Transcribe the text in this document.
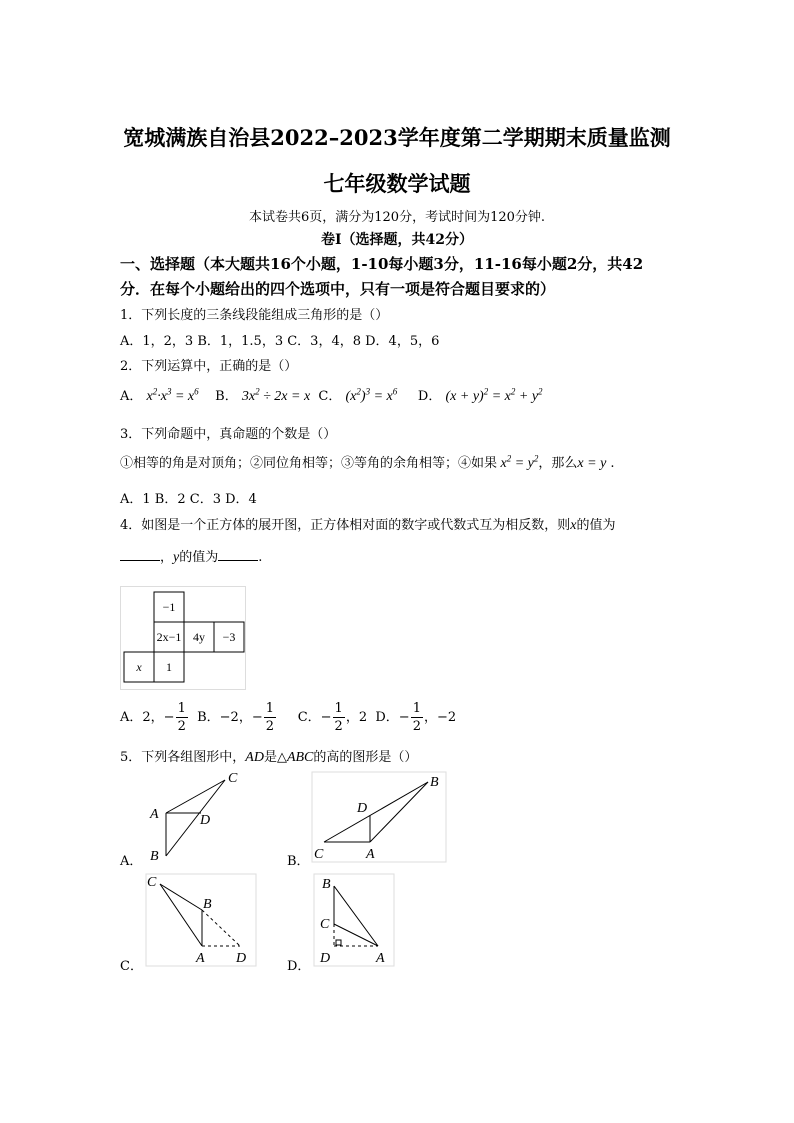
宽城满族自治县2022–2023学年度第二学期期末质量监测
七年级数学试题
本试卷共6页，满分为120分，考试时间为120分钟.
卷Ⅰ（选择题，共42分）
一、选择题（本大题共16个小题，1-10每小题3分，11-16每小题2分，共42
分．在每个小题给出的四个选项中，只有一项是符合题目要求的）
1．下列长度的三条线段能组成三角形的是（）
A．1，2，3 B．1，1.5，3 C．3，4，8 D．4，5，6
2．下列运算中，正确的是（）
A． $x^2\cdot x^3 = x^6$ B． $3x^2 \div 2x = x$ C． $(x^2)^3 = x^6$ D． $(x + y)^2 = x^2 + y^2$
3．下列命题中，真命题的个数是（）
①相等的角是对顶角；②同位角相等；③等角的余角相等；④如果 $x^2 = y^2$，那么x = y .
A．1 B．2 C．3 D．4
4．如图是一个正方体的展开图，正方体相对面的数字或代数式互为相反数，则x的值为
，y的值为	.
−1
2x−1 4y −3
x 1
A．2，− $\frac{1}{2}$ B．−2，− $\frac{1}{2}$ C．− $\frac{1}{2}$ ，2 D．− $\frac{1}{2}$ ，−2
5．下列各组图形中，AD是△ABC的高的图形是（）
C
A	D
B
A．
B
D
C	A
B．
C
B
A D
C．
B
C
D	A
D．
